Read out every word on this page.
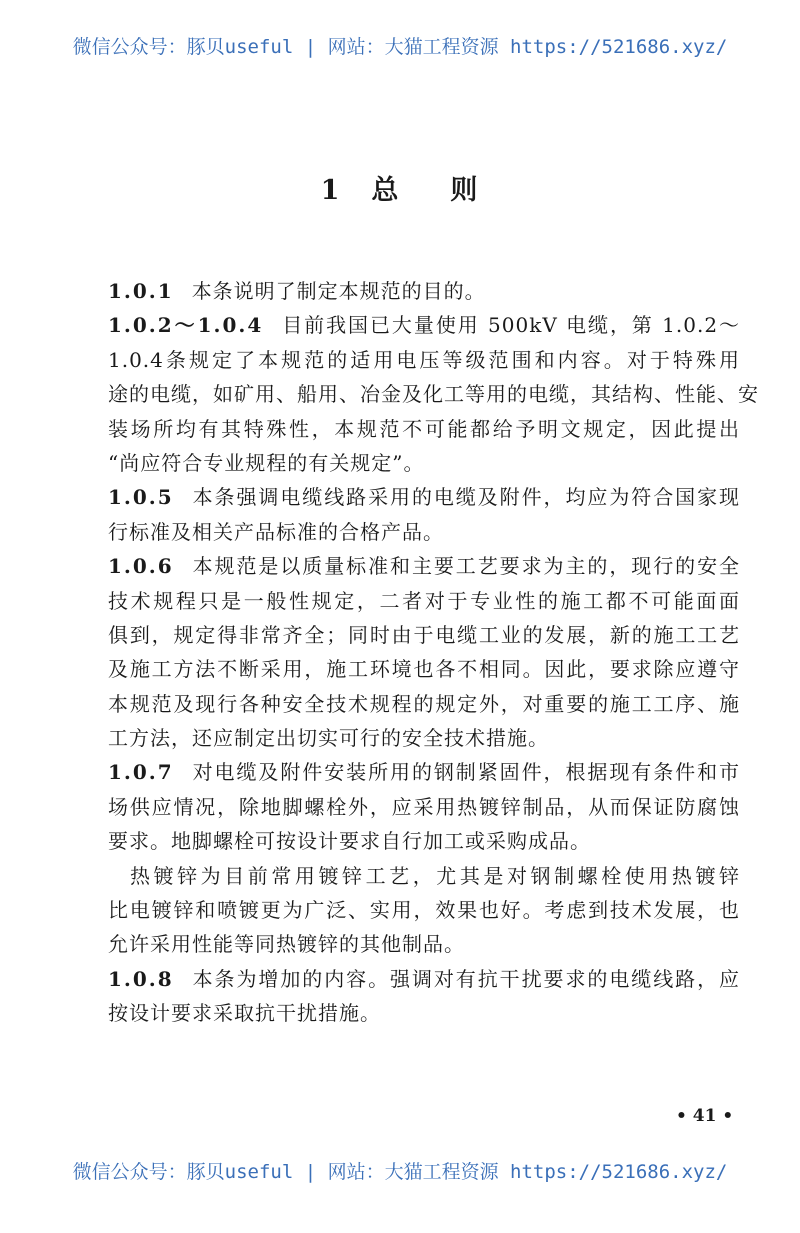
微信公众号：豚贝useful | 网站：大猫工程资源 https://521686.xyz/
1 总 则
1.0.1 本条说明了制定本规范的目的。
1.0.2～1.0.4 目前我国已大量使用 500kV 电缆，第 1.0.2～
1.0.4条规定了本规范的适用电压等级范围和内容。对于特殊用
途的电缆，如矿用、船用、冶金及化工等用的电缆，其结构、性能、安
装场所均有其特殊性，本规范不可能都给予明文规定，因此提出
“尚应符合专业规程的有关规定”。
1.0.5 本条强调电缆线路采用的电缆及附件，均应为符合国家现
行标准及相关产品标准的合格产品。
1.0.6 本规范是以质量标准和主要工艺要求为主的，现行的安全
技术规程只是一般性规定，二者对于专业性的施工都不可能面面
俱到，规定得非常齐全；同时由于电缆工业的发展，新的施工工艺
及施工方法不断采用，施工环境也各不相同。因此，要求除应遵守
本规范及现行各种安全技术规程的规定外，对重要的施工工序、施
工方法，还应制定出切实可行的安全技术措施。
1.0.7 对电缆及附件安装所用的钢制紧固件，根据现有条件和市
场供应情况，除地脚螺栓外，应采用热镀锌制品，从而保证防腐蚀
要求。地脚螺栓可按设计要求自行加工或采购成品。
热镀锌为目前常用镀锌工艺，尤其是对钢制螺栓使用热镀锌
比电镀锌和喷镀更为广泛、实用，效果也好。考虑到技术发展，也
允许采用性能等同热镀锌的其他制品。
1.0.8 本条为增加的内容。强调对有抗干扰要求的电缆线路，应
按设计要求采取抗干扰措施。
• 41 •
微信公众号：豚贝useful | 网站：大猫工程资源 https://521686.xyz/
